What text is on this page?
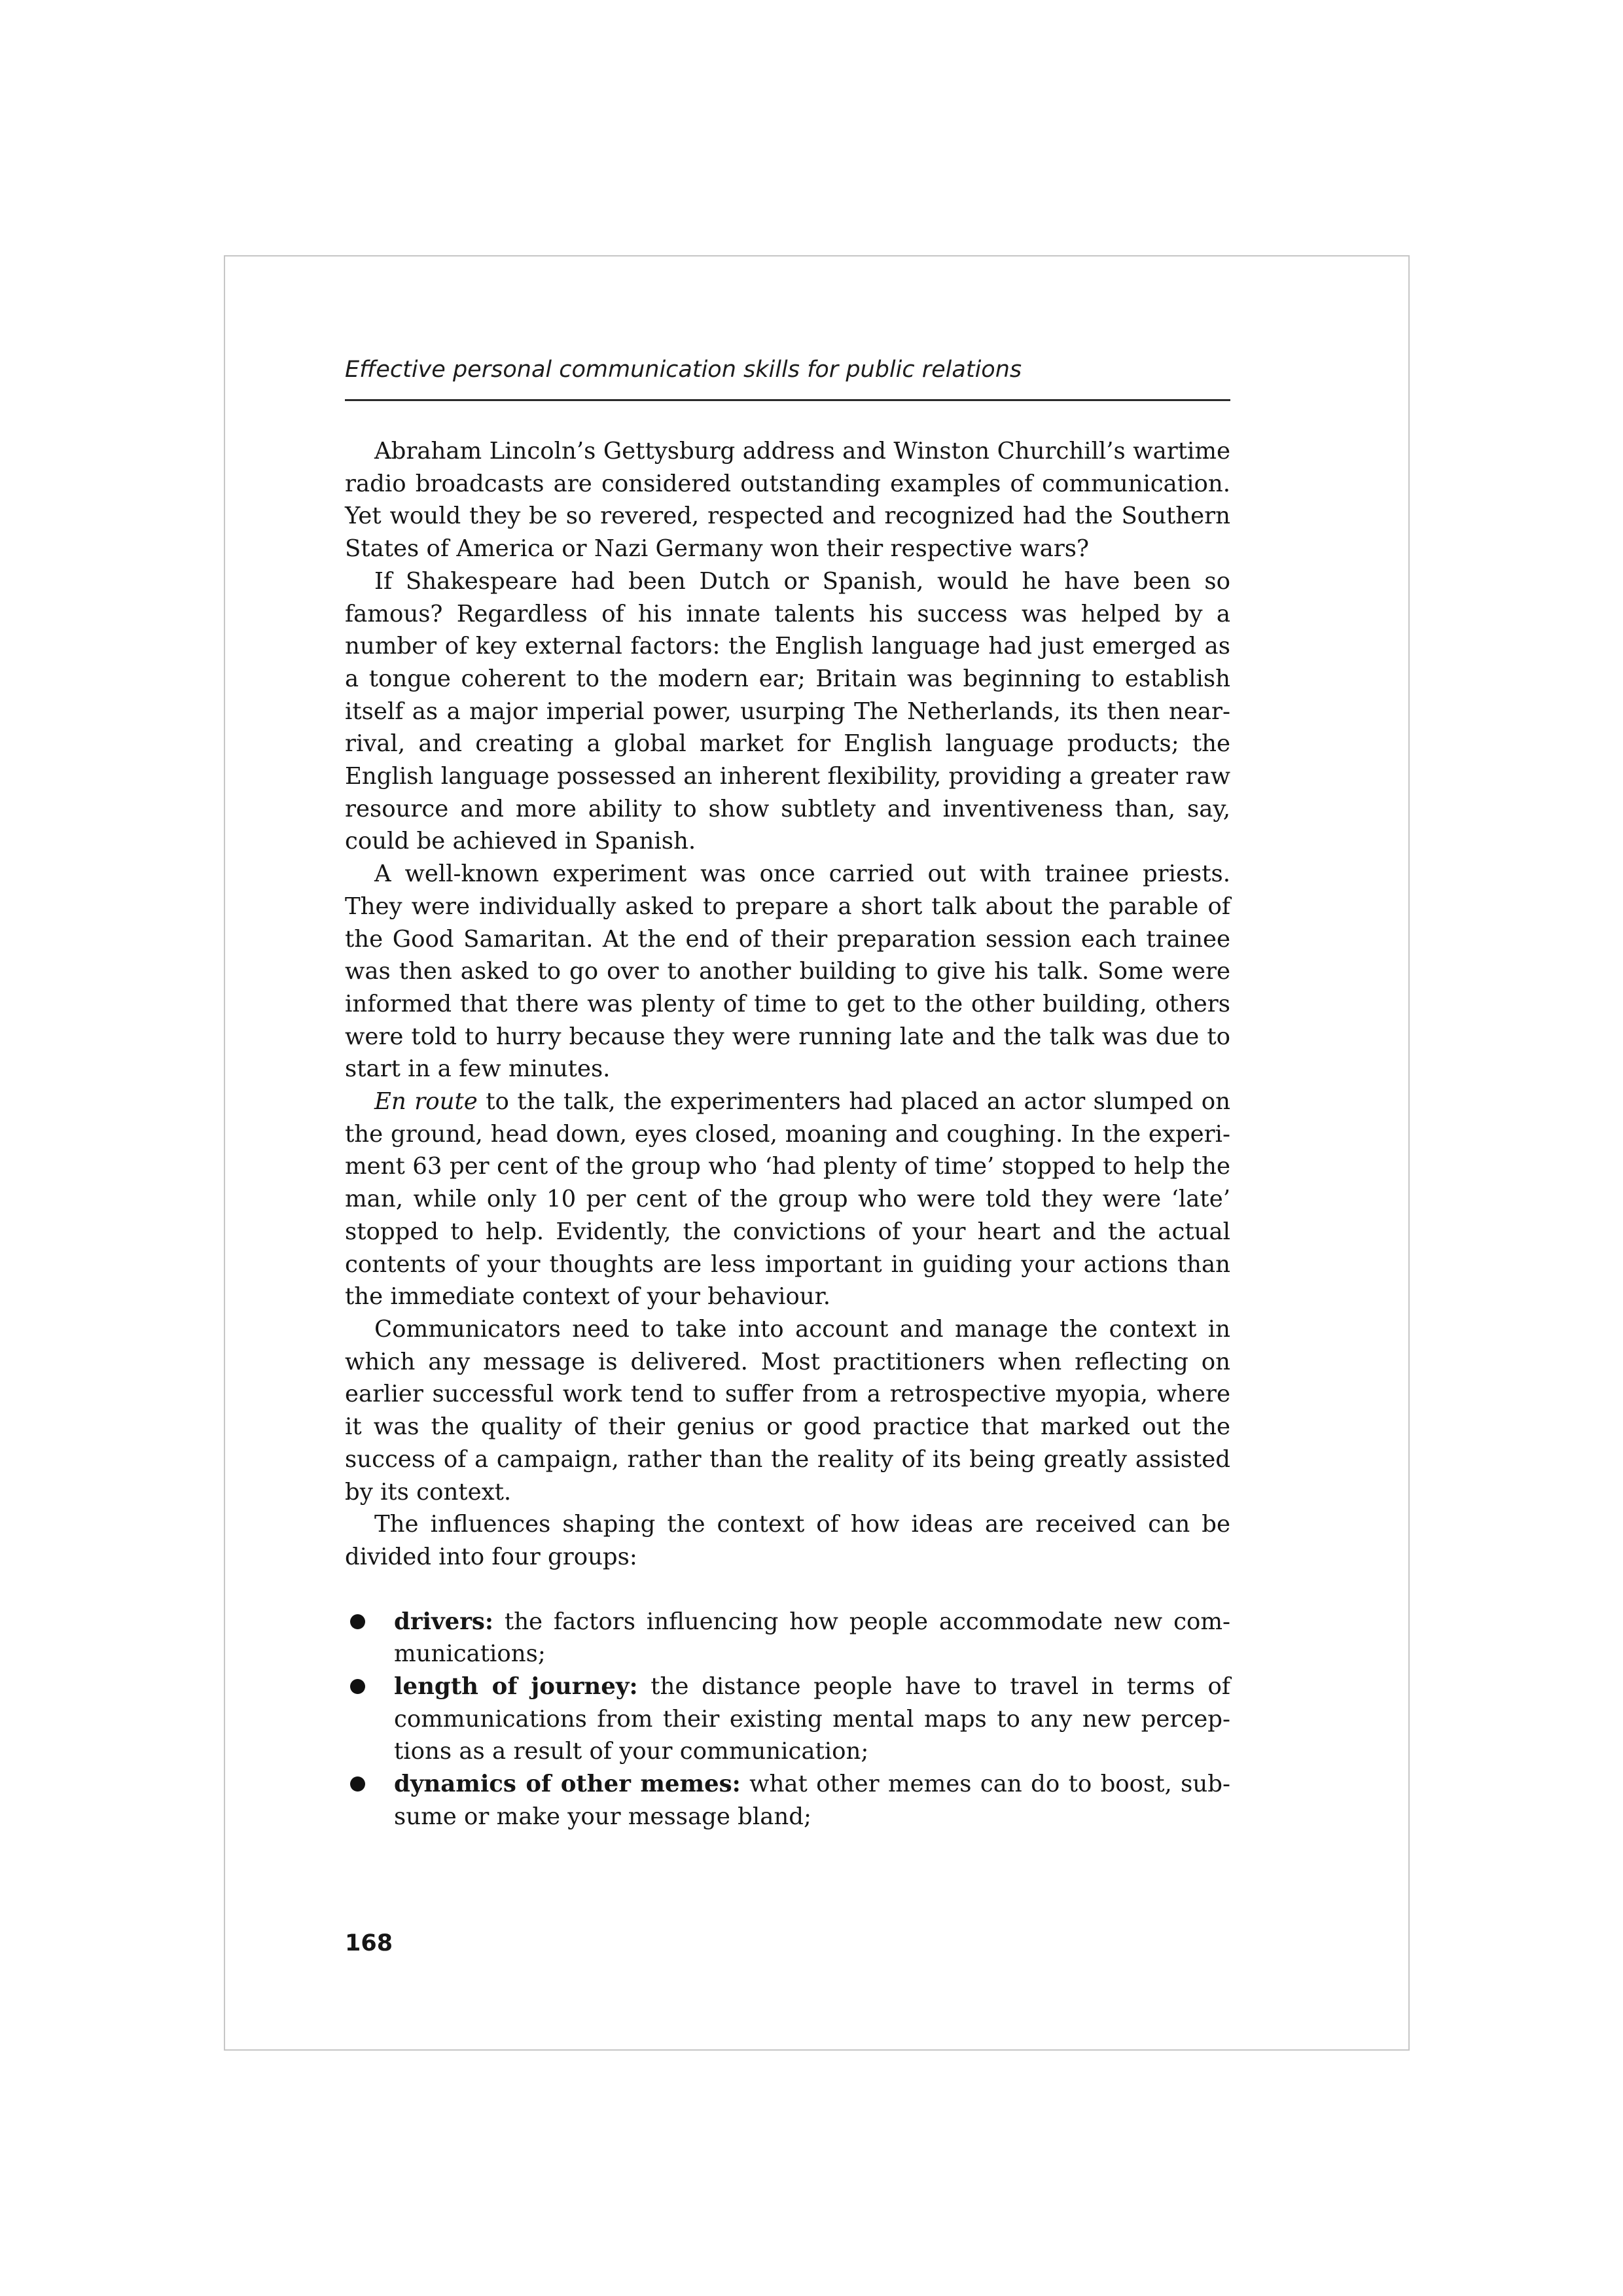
Effective personal communication skills for public relations

Abraham Lincoln’s Gettysburg address and Winston Churchill’s wartime radio broadcasts are considered outstanding examples of communication. Yet would they be so revered, respected and recognized had the Southern States of America or Nazi Germany won their respective wars?

If Shakespeare had been Dutch or Spanish, would he have been so famous? Regardless of his innate talents his success was helped by a number of key external factors: the English language had just emerged as a tongue coherent to the modern ear; Britain was beginning to establish itself as a major imperial power, usurping The Netherlands, its then near-rival, and creating a global market for English language products; the English language possessed an inherent flexibility, providing a greater raw resource and more ability to show subtlety and inventiveness than, say, could be achieved in Spanish.

A well-known experiment was once carried out with trainee priests. They were individually asked to prepare a short talk about the parable of the Good Samaritan. At the end of their preparation session each trainee was then asked to go over to another building to give his talk. Some were informed that there was plenty of time to get to the other building, others were told to hurry because they were running late and the talk was due to start in a few minutes.

En route to the talk, the experimenters had placed an actor slumped on the ground, head down, eyes closed, moaning and coughing. In the experiment 63 per cent of the group who ‘had plenty of time’ stopped to help the man, while only 10 per cent of the group who were told they were ‘late’ stopped to help. Evidently, the convictions of your heart and the actual contents of your thoughts are less important in guiding your actions than the immediate context of your behaviour.

Communicators need to take into account and manage the context in which any message is delivered. Most practitioners when reflecting on earlier successful work tend to suffer from a retrospective myopia, where it was the quality of their genius or good practice that marked out the success of a campaign, rather than the reality of its being greatly assisted by its context.

The influences shaping the context of how ideas are received can be divided into four groups:

drivers: the factors influencing how people accommodate new communications;
length of journey: the distance people have to travel in terms of communications from their existing mental maps to any new perceptions as a result of your communication;
dynamics of other memes: what other memes can do to boost, subsume or make your message bland;
168
